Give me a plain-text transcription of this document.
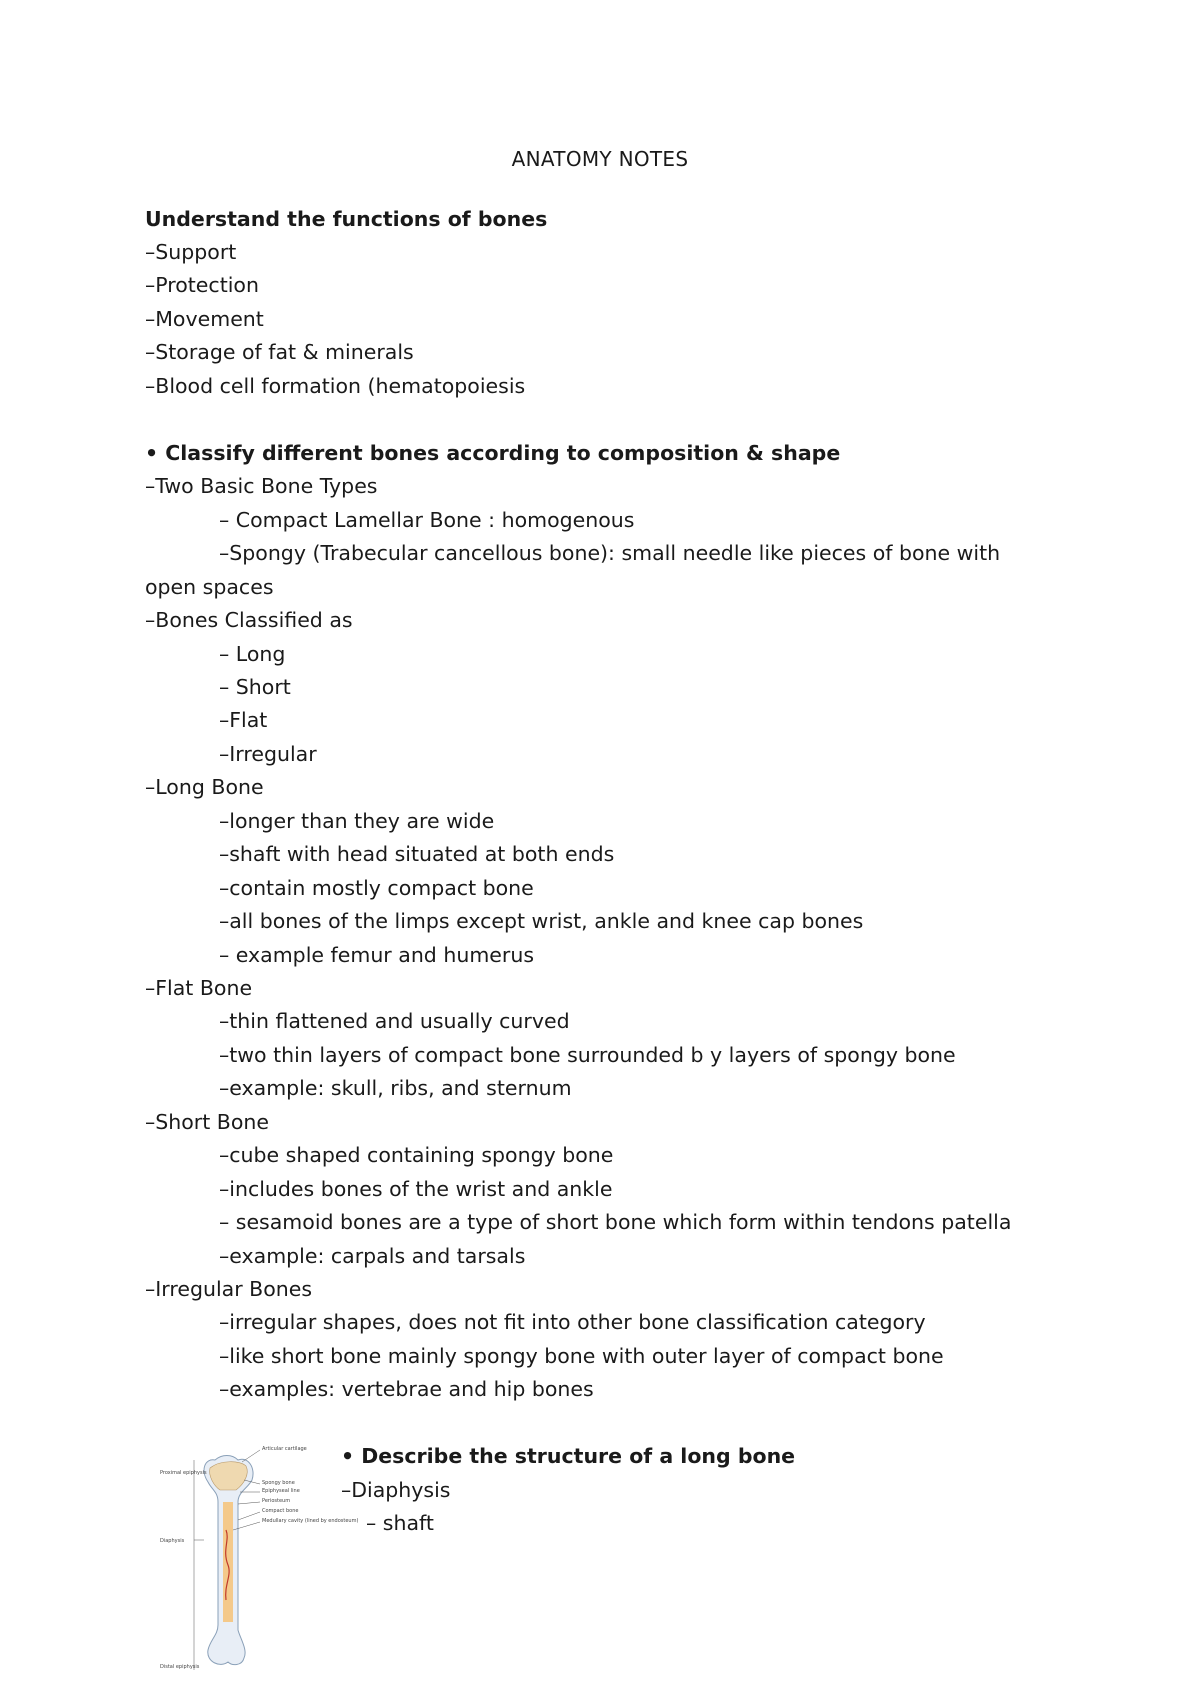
ANATOMY NOTES
Understand the functions of bones
–Support
–Protection
–Movement
–Storage of fat & minerals
–Blood cell formation (hematopoiesis
• Classify different bones according to composition & shape
–Two Basic Bone Types
– Compact Lamellar Bone : homogenous
–Spongy (Trabecular cancellous bone): small needle like pieces of bone with
open spaces
–Bones Classified as
– Long
– Short
–Flat
–Irregular
–Long Bone
–longer than they are wide
–shaft with head situated at both ends
–contain mostly compact bone
–all bones of the limps except wrist, ankle and knee cap bones
– example femur and humerus
–Flat Bone
–thin flattened and usually curved
–two thin layers of compact bone surrounded b y layers of spongy bone
–example: skull, ribs, and sternum
–Short Bone
–cube shaped containing spongy bone
–includes bones of the wrist and ankle
– sesamoid bones are a type of short bone which form within tendons patella
–example: carpals and tarsals
–Irregular Bones
–irregular shapes, does not fit into other bone classification category
–like short bone mainly spongy bone with outer layer of compact bone
–examples: vertebrae and hip bones
• Describe the structure of a long bone
–Diaphysis
– shaft
Articular cartilage
Proximal epiphysis
Spongy bone
Epiphyseal line
Periosteum
Compact bone
Medullary cavity (lined by endosteum)
Diaphysis
Distal epiphysis
